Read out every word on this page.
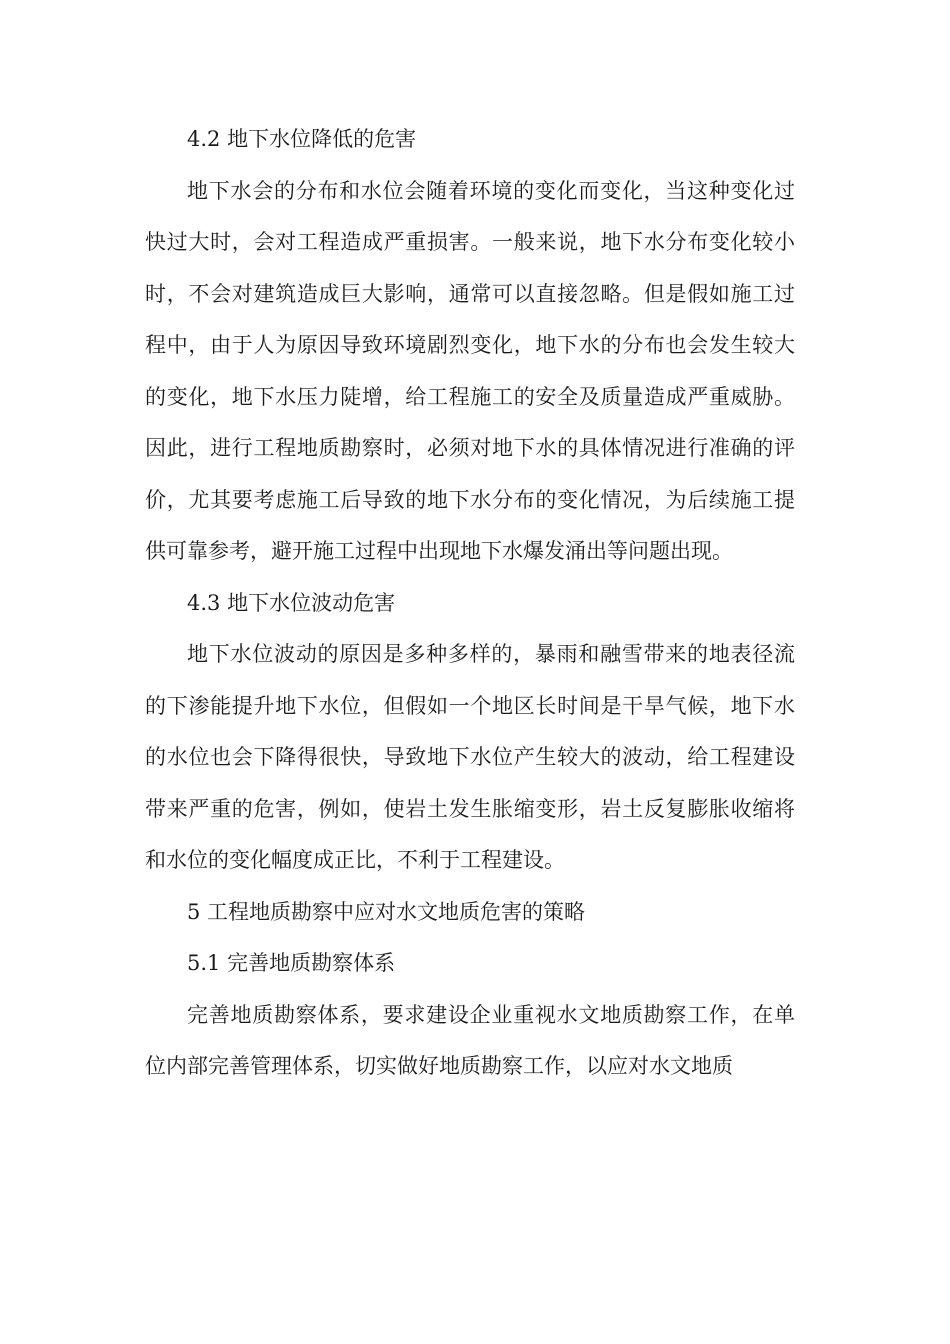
4.2 地下水位降低的危害

地下水会的分布和水位会随着环境的变化而变化，当这种变化过快过大时，会对工程造成严重损害。一般来说，地下水分布变化较小时，不会对建筑造成巨大影响，通常可以直接忽略。但是假如施工过程中，由于人为原因导致环境剧烈变化，地下水的分布也会发生较大的变化，地下水压力陡增，给工程施工的安全及质量造成严重威胁。因此，进行工程地质勘察时，必须对地下水的具体情况进行准确的评价，尤其要考虑施工后导致的地下水分布的变化情况，为后续施工提供可靠参考，避开施工过程中出现地下水爆发涌出等问题出现。

4.3 地下水位波动危害

地下水位波动的原因是多种多样的，暴雨和融雪带来的地表径流的下渗能提升地下水位，但假如一个地区长时间是干旱气候，地下水的水位也会下降得很快，导致地下水位产生较大的波动，给工程建设带来严重的危害，例如，使岩土发生胀缩变形，岩土反复膨胀收缩将和水位的变化幅度成正比，不利于工程建设。

5 工程地质勘察中应对水文地质危害的策略

5.1 完善地质勘察体系

完善地质勘察体系，要求建设企业重视水文地质勘察工作，在单位内部完善管理体系，切实做好地质勘察工作，以应对水文地质
